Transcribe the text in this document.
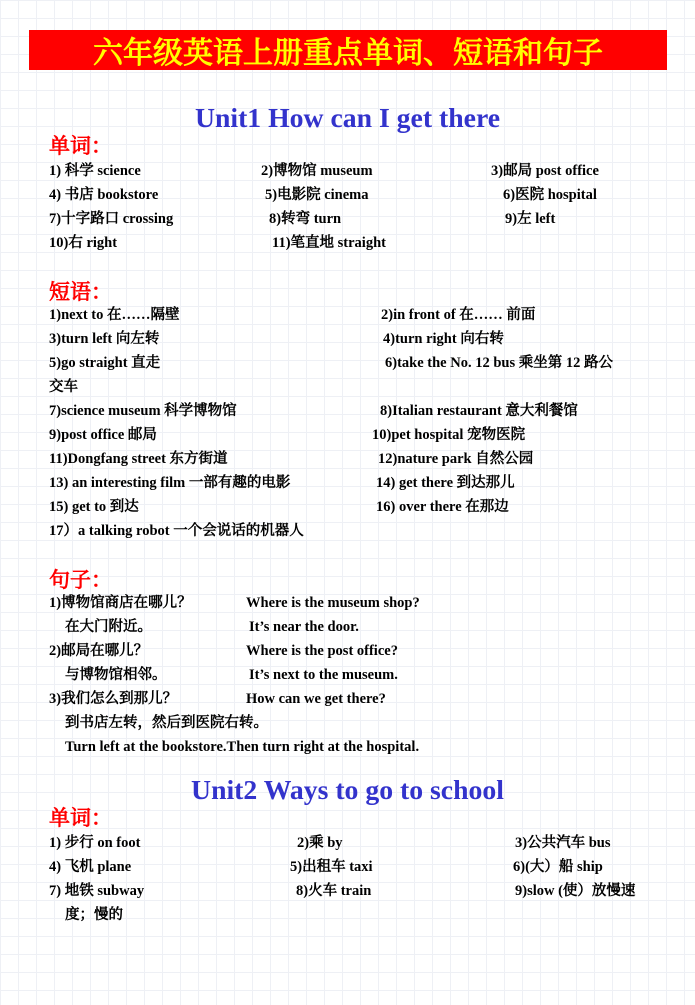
六年级英语上册重点单词、短语和句子
Unit1 How can I get there
单词：
1) 科学 science	2)博物馆 museum	3)邮局 post office
4) 书店 bookstore	5)电影院 cinema	6)医院 hospital
7)十字路口 crossing	8)转弯 turn	9)左 left
10)右 right	11)笔直地 straight
短语：
1)next to 在……隔壁	2)in front of 在…… 前面
3)turn left 向左转	4)turn right 向右转
5)go straight 直走	6)take the No. 12 bus 乘坐第 12 路公
交车
7)science museum 科学博物馆	8)Italian restaurant 意大利餐馆
9)post office 邮局	10)pet hospital 宠物医院
11)Dongfang street 东方街道	12)nature park 自然公园
13) an interesting film 一部有趣的电影	14) get there 到达那儿
15) get to 到达	16) over there 在那边
17）a talking robot 一个会说话的机器人
句子：
1)博物馆商店在哪儿？	Where is the museum shop?
在大门附近。	It’s near the door.
2)邮局在哪儿？	Where is the post office?
与博物馆相邻。	It’s next to the museum.
3)我们怎么到那儿？	How can we get there?
到书店左转，然后到医院右转。
Turn left at the bookstore.Then turn right at the hospital.
Unit2 Ways to go to school
单词：
1) 步行 on foot	2)乘 by	3)公共汽车 bus
4) 飞机 plane	5)出租车 taxi	6)(大）船 ship
7) 地铁 subway	8)火车 train	9)slow (使）放慢速
度；慢的
